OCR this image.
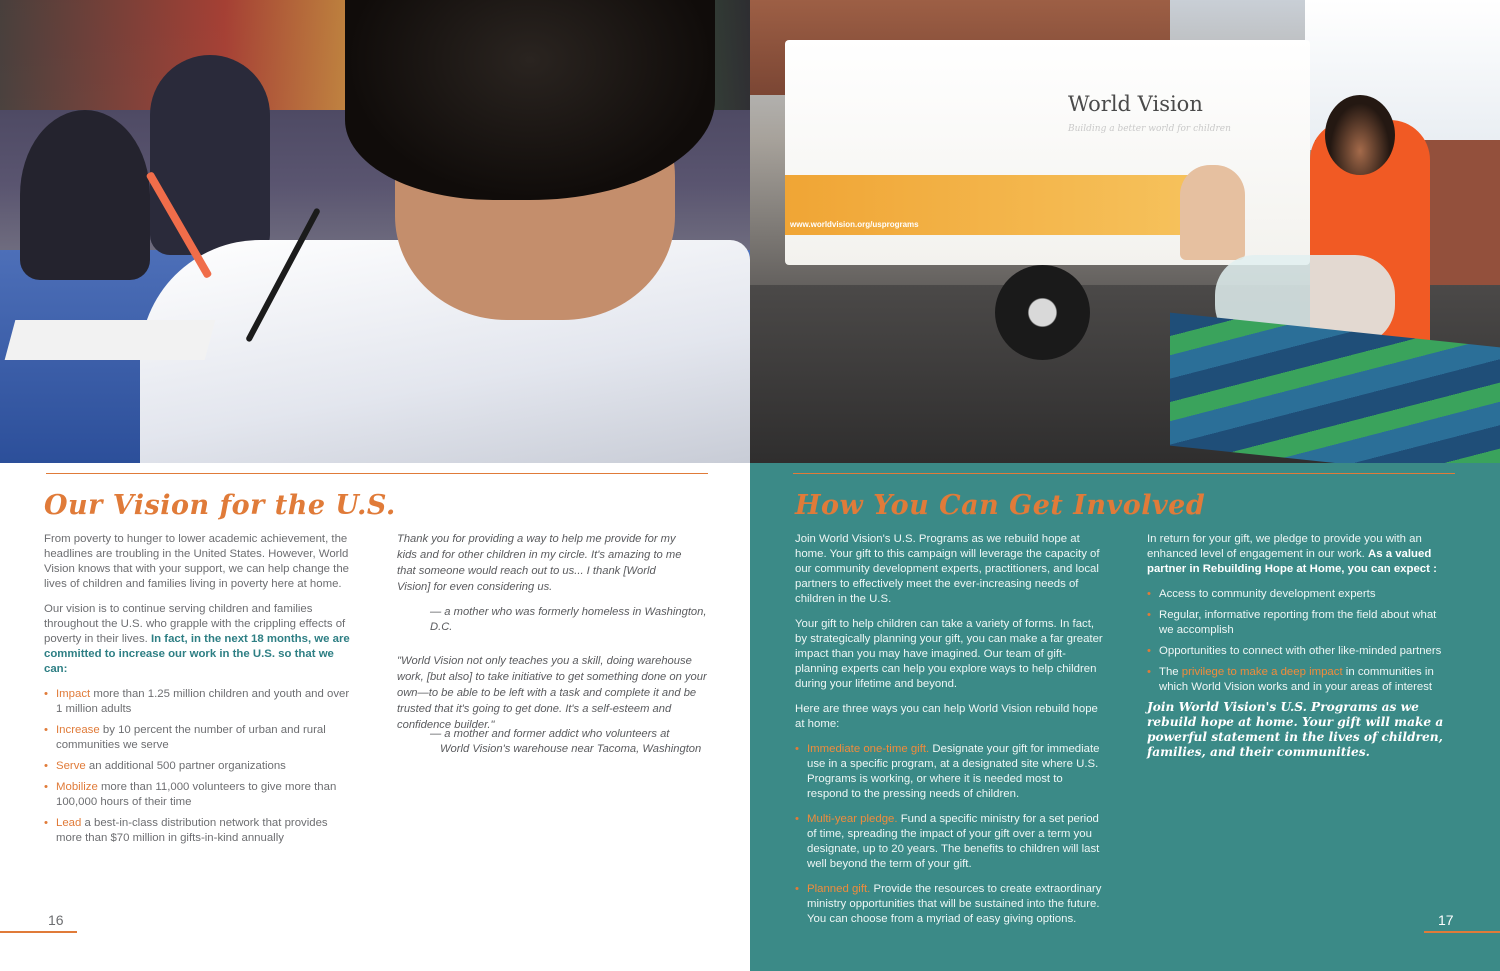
World Vision
Building a better world for children
www.worldvision.org/usprograms
Our Vision for the U.S.

From poverty to hunger to lower academic achievement, the headlines are troubling in the United States. However, World Vision knows that with your support, we can help change the lives of children and families living in poverty here at home.

Our vision is to continue serving children and families throughout the U.S. who grapple with the crippling effects of poverty in their lives. In fact, in the next 18 months, we are committed to increase our work in the U.S. so that we can:

• Impact more than 1.25 million children and youth and over 1 million adults
• Increase by 10 percent the number of urban and rural communities we serve
• Serve an additional 500 partner organizations
• Mobilize more than 11,000 volunteers to give more than 100,000 hours of their time
• Lead a best-in-class distribution network that provides more than $70 million in gifts-in-kind annually
Thank you for providing a way to help me provide for my kids and for other children in my circle. It's amazing to me that someone would reach out to us... I thank [World Vision] for even considering us.
— a mother who was formerly homeless in Washington, D.C.
"World Vision not only teaches you a skill, doing warehouse work, [but also] to take initiative to get something done on your own—to be able to be left with a task and complete it and be trusted that it's going to get done. It's a self-esteem and confidence builder."
— a mother and former addict who volunteers at
World Vision's warehouse near Tacoma, Washington
16
How You Can Get Involved

Join World Vision's U.S. Programs as we rebuild hope at home. Your gift to this campaign will leverage the capacity of our community development experts, practitioners, and local partners to effectively meet the ever-increasing needs of children in the U.S.

Your gift to help children can take a variety of forms. In fact, by strategically planning your gift, you can make a far greater impact than you may have imagined. Our team of gift-planning experts can help you explore ways to help children during your lifetime and beyond.

Here are three ways you can help World Vision rebuild hope at home:

• Immediate one-time gift. Designate your gift for immediate use in a specific program, at a designated site where U.S. Programs is working, or where it is needed most to respond to the pressing needs of children.
• Multi-year pledge. Fund a specific ministry for a set period of time, spreading the impact of your gift over a term you designate, up to 20 years. The benefits to children will last well beyond the term of your gift.
• Planned gift. Provide the resources to create extraordinary ministry opportunities that will be sustained into the future. You can choose from a myriad of easy giving options.

In return for your gift, we pledge to provide you with an enhanced level of engagement in our work. As a valued partner in Rebuilding Hope at Home, you can expect :

• Access to community development experts
• Regular, informative reporting from the field about what we accomplish
• Opportunities to connect with other like-minded partners
• The privilege to make a deep impact in communities in which World Vision works and in your areas of interest
Join World Vision's U.S. Programs as we rebuild hope at home. Your gift will make a powerful statement in the lives of children, families, and their communities.
17
